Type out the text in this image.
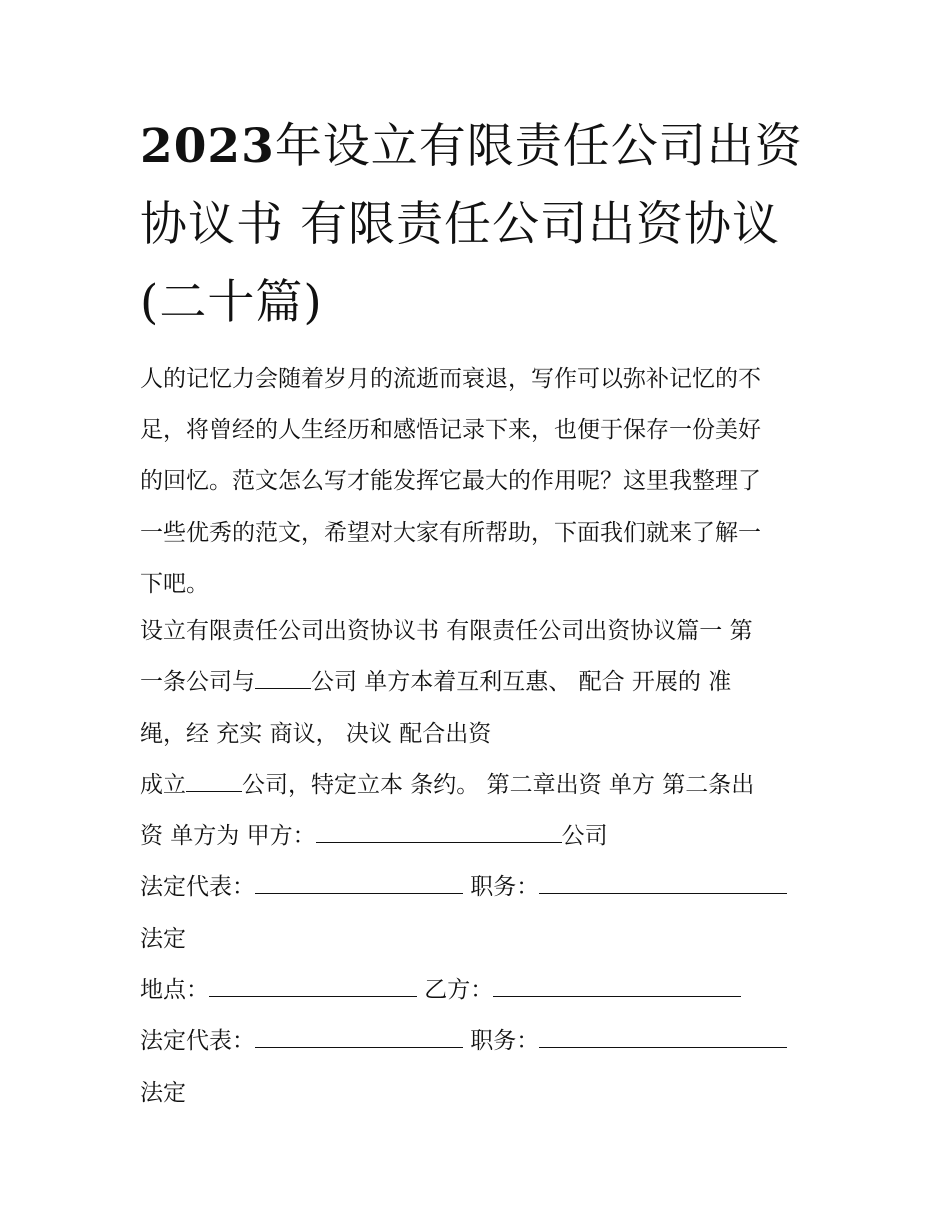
2023年设立有限责任公司出资
协议书 有限责任公司出资协议
(二十篇)
人的记忆力会随着岁月的流逝而衰退，写作可以弥补记忆的不
足，将曾经的人生经历和感悟记录下来，也便于保存一份美好
的回忆。范文怎么写才能发挥它最大的作用呢？这里我整理了
一些优秀的范文，希望对大家有所帮助，下面我们就来了解一
下吧。
设立有限责任公司出资协议书 有限责任公司出资协议篇一 第
一条公司与 公司 单方本着互利互惠、 配合 开展的 准
绳，经 充实 商议， 决议 配合出资
成立 公司，特定立本 条约。 第二章出资 单方 第二条出
资 单方为 甲方：	公司
法定代表：	职务：
法定
地点：	乙方：
法定代表：	职务：
法定
